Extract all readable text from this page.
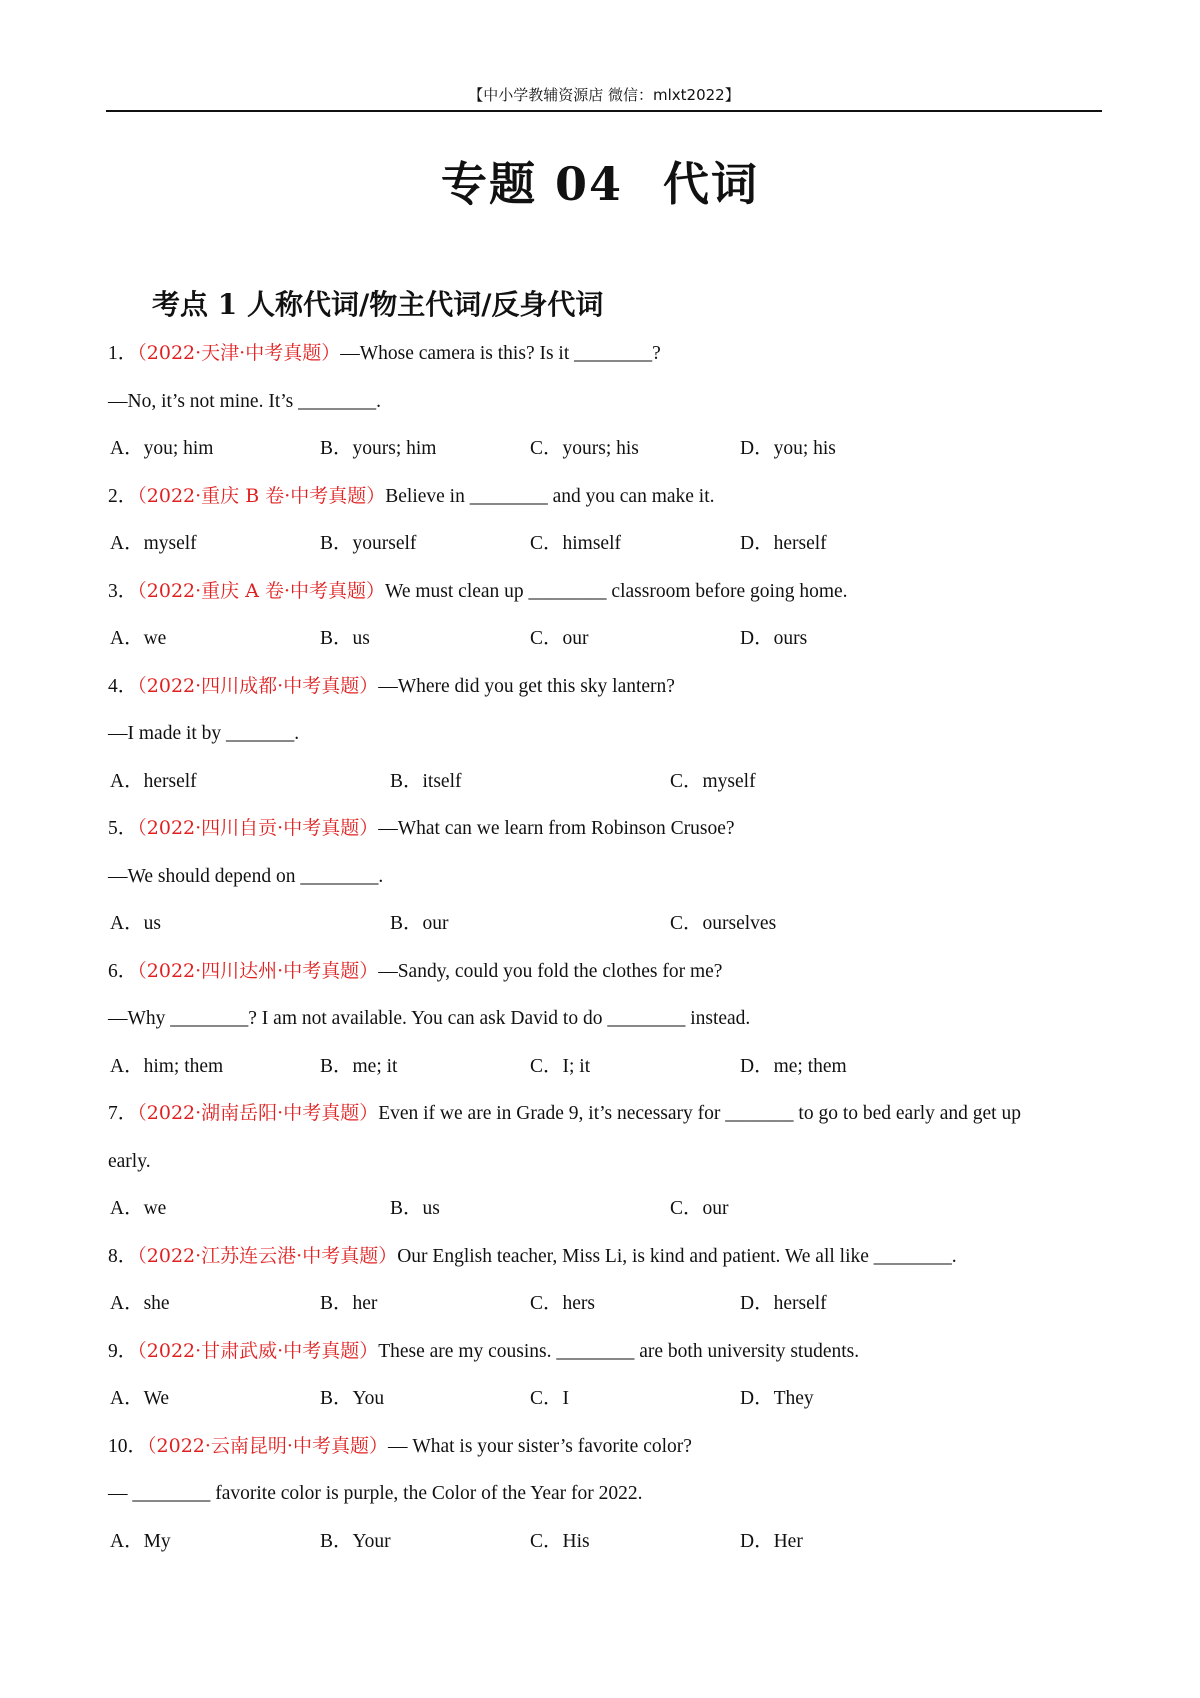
【中小学教辅资源店 微信：mlxt2022】
专题 04 代词
考点 1 人称代词/物主代词/反身代词
1．（2022·天津·中考真题）—Whose camera is this? Is it ________?
—No, it’s not mine. It’s ________.
A．you; him	B．yours; him	C．yours; his	D．you; his
2．（2022·重庆 B 卷·中考真题）Believe in ________ and you can make it.
A．myself	B．yourself	C．himself	D．herself
3．（2022·重庆 A 卷·中考真题）We must clean up ________ classroom before going home.
A．we	B．us	C．our	D．ours
4．（2022·四川成都·中考真题）—Where did you get this sky lantern?
—I made it by _______.
A．herself	B．itself	C．myself
5．（2022·四川自贡·中考真题）—What can we learn from Robinson Crusoe?
—We should depend on ________.
A．us	B．our	C．ourselves
6．（2022·四川达州·中考真题）—Sandy, could you fold the clothes for me?
—Why ________? I am not available. You can ask David to do ________ instead.
A．him; them	B．me; it	C．I; it	D．me; them
7．（2022·湖南岳阳·中考真题）Even if we are in Grade 9, it’s necessary for _______ to go to bed early and get up
early.
A．we	B．us	C．our
8．（2022·江苏连云港·中考真题）Our English teacher, Miss Li, is kind and patient. We all like ________.
A．she	B．her	C．hers	D．herself
9．（2022·甘肃武威·中考真题）These are my cousins. ________ are both university students.
A．We	B．You	C．I	D．They
10．（2022·云南昆明·中考真题）— What is your sister’s favorite color?
— ________ favorite color is purple, the Color of the Year for 2022.
A．My	B．Your	C．His	D．Her
